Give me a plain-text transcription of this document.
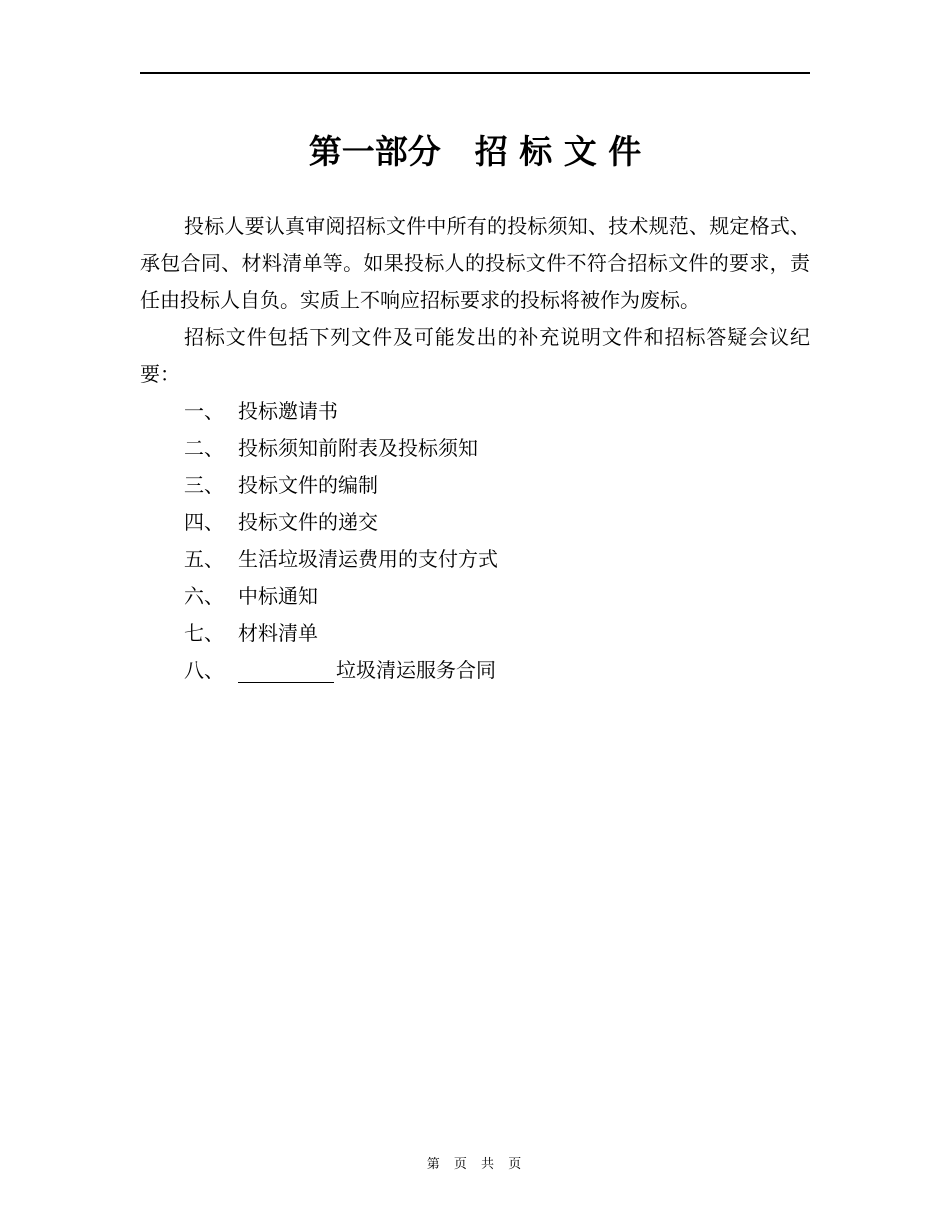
第一部分 招 标 文 件

投标人要认真审阅招标文件中所有的投标须知、技术规范、规定格式、承包合同、材料清单等。如果投标人的投标文件不符合招标文件的要求，责任由投标人自负。实质上不响应招标要求的投标将被作为废标。

招标文件包括下列文件及可能发出的补充说明文件和招标答疑会议纪要：

一、 投标邀请书
二、 投标须知前附表及投标须知
三、 投标文件的编制
四、 投标文件的递交
五、 生活垃圾清运费用的支付方式
六、 中标通知
七、 材料清单
八、	垃圾清运服务合同
第 页 共 页
